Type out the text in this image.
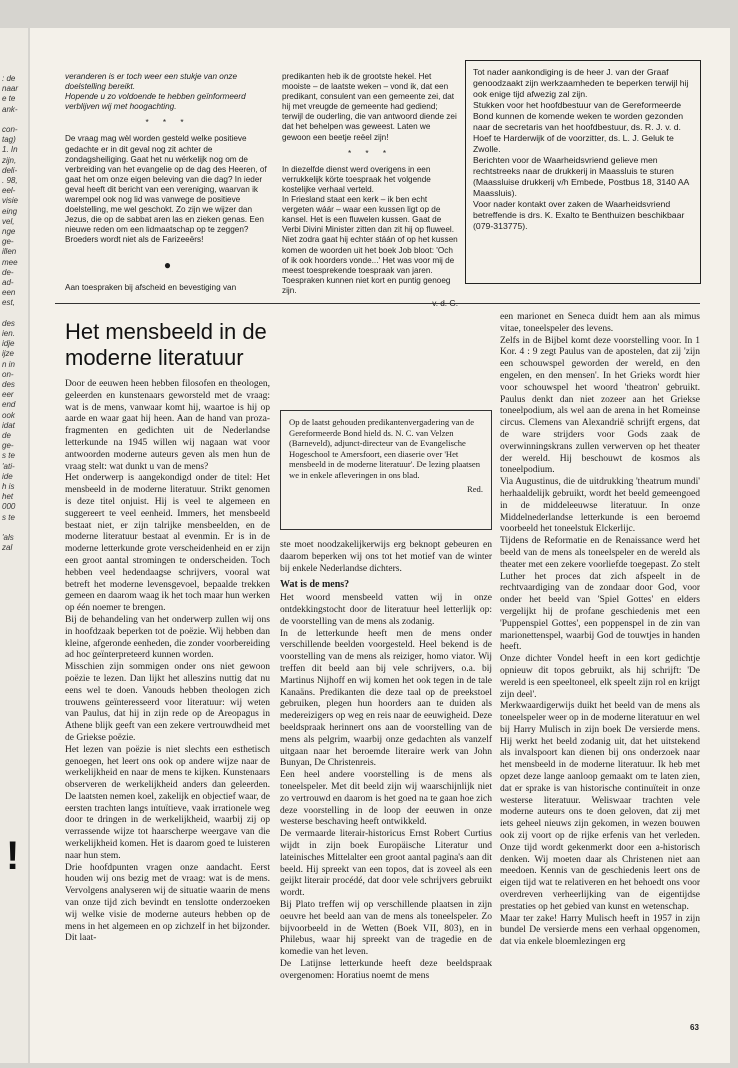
: de
naar
e te
ank-
con-
tag)
1. In
zijn,
deli-
. 98,
eel-
visie
eing
vel,
nge
ge-
illen
mee
de-
ad-
een
est,
des
ien.
idje
ijze
n in
on-
des
eer
end
ook
idat
de
ge-
s te
'ati-
ide
h is
het
000
s te
'als
zal
!

veranderen is er toch weer een stukje van onze doelstelling bereikt.
Hopende u zo voldoende te hebben geïnformeerd verblijven wij met hoogachting.

* * *

De vraag mag wèl worden gesteld welke positieve gedachte er in dit geval nog zit achter de zondagsheiliging. Gaat het nu wérkelijk nog om de verbreiding van het evangelie op de dag des Heeren, of gaat het om onze eigen beleving van die dag? In ieder geval heeft dit bericht van een vereniging, waarvan ik warempel ook nog lid was vanwege de positieve doelstelling, me wel geschokt. Zo zijn we wijzer dan Jezus, die op de sabbat aren las en zieken genas. Een nieuwe reden om een lidmaatschap op te zeggen?
Broeders wordt niet als de Farizeeërs!

●

Aan toespraken bij afscheid en bevestiging van

predikanten heb ik de grootste hekel. Het mooiste – de laatste weken – vond ik, dat een predikant, consulent van een gemeente zei, dat hij met vreugde de gemeente had gediend; terwijl de ouderling, die van antwoord diende zei dat het behelpen was geweest. Laten we gewoon een beetje reëel zijn!

* * *

In diezelfde dienst werd overigens in een verrukkelijk körte toespraak het volgende kostelijke verhaal verteld.
In Friesland staat een kerk – ik ben echt vergeten wáár – waar een kussen ligt op de kansel. Het is een fluwelen kussen. Gaat de Verbi Divini Minister zitten dan zit hij op fluweel. Niet zodra gaat hij echter stáán of op het kussen komen de woorden uit het boek Job bloot: 'Och of ik ook hoorders vonde...' Het was voor mij de meest toesprekende toespraak van jaren. Toespraken kunnen niet kort en puntig genoeg zijn.

Tot nader aankondiging is de heer J. van der Graaf genoodzaakt zijn werkzaamheden te beperken terwijl hij ook enige tijd afwezig zal zijn.
Stukken voor het hoofdbestuur van de Gereformeerde Bond kunnen de komende weken te worden gezonden naar de secretaris van het hoofdbestuur, ds. R. J. v. d. Hoef te Harderwijk of de voorzitter, ds. L. J. Geluk te Zwolle.
Berichten voor de Waarheidsvriend gelieve men rechtstreeks naar de drukkerij in Maassluis te sturen (Maassluise drukkerij v/h Embede, Postbus 18, 3140 AA Maassluis).
Voor nader kontakt over zaken de Waarheidsvriend betreffende is drs. K. Exalto te Benthuizen beschikbaar (079-313775).

Het mensbeeld in de moderne literatuur

Door de eeuwen heen hebben filosofen en theologen, geleerden en kunstenaars geworsteld met de vraag: wat is de mens, vanwaar komt hij, waartoe is hij op aarde en waar gaat hij heen. Aan de hand van proza-fragmenten en gedichten uit de Nederlandse letterkunde na 1945 willen wij nagaan wat voor antwoorden moderne auteurs geven als men hun de vraag stelt: wat dunkt u van de mens?

Het onderwerp is aangekondigd onder de titel: Het mensbeeld in de moderne literatuur. Strikt genomen is deze titel onjuist. Hij is veel te algemeen en suggereert te veel eenheid. Immers, het mensbeeld bestaat niet, er zijn talrijke mensbeelden, en de moderne literatuur bestaat al evenmin. Er is in de moderne letterkunde grote verscheidenheid en er zijn een groot aantal stromingen te onderscheiden. Toch hebben veel hedendaagse schrijvers, vooral wat betreft het moderne levensgevoel, bepaalde trekken gemeen en daarom waag ik het toch maar hun werken op één noemer te brengen.

Bij de behandeling van het onderwerp zullen wij ons in hoofdzaak beperken tot de poëzie. Wij hebben dan kleine, afgeronde eenheden, die zonder voorbereiding ad hoc geïnterpreteerd kunnen worden.

Misschien zijn sommigen onder ons niet gewoon poëzie te lezen. Dan lijkt het alleszins nuttig dat nu eens wel te doen. Vanouds hebben theologen zich trouwens geïnteresseerd voor literatuur: wij weten van Paulus, dat hij in zijn rede op de Areopagus in Athene blijk geeft van een zekere vertrouwdheid met de Griekse poëzie.

Het lezen van poëzie is niet slechts een esthetisch genoegen, het leert ons ook op andere wijze naar de werkelijkheid en naar de mens te kijken. Kunstenaars observeren de werkelijkheid anders dan geleerden. De laatsten nemen koel, zakelijk en objectief waar, de eersten trachten langs intuïtieve, vaak irrationele weg door te dringen in de werkelijkheid, waarbij zij op verrassende wijze tot haarscherpe weergave van die werkelijkheid komen. Het is daarom goed te luisteren naar hun stem.

Drie hoofdpunten vragen onze aandacht. Eerst houden wij ons bezig met de vraag: wat is de mens. Vervolgens analyseren wij de situatie waarin de mens van onze tijd zich bevindt en tenslotte onderzoeken wij welke visie de moderne auteurs hebben op de mens in het algemeen en op zichzelf in het bijzonder. Dit laat-

Op de laatst gehouden predikantenvergadering van de Gereformeerde Bond hield ds. N. C. van Velzen (Barneveld), adjunct-directeur van de Evangelische Hogeschool te Amersfoort, een diaserie over 'Het mensbeeld in de moderne literatuur'. De lezing plaatsen we in enkele afleveringen in ons blad.

Red.

ste moet noodzakelijkerwijs erg beknopt gebeuren en daarom beperken wij ons tot het motief van de winter bij enkele Nederlandse dichters.

Wat is de mens?

Het woord mensbeeld vatten wij in onze ontdekkingstocht door de literatuur heel letterlijk op: de voorstelling van de mens als zodanig.

In de letterkunde heeft men de mens onder verschillende beelden voorgesteld. Heel bekend is de voorstelling van de mens als reiziger, homo viator. Wij treffen dit beeld aan bij vele schrijvers, o.a. bij Martinus Nijhoff en wij komen het ook tegen in de tale Kanaäns. Predikanten die deze taal op de preekstoel gebruiken, plegen hun hoorders aan te duiden als medereizigers op weg en reis naar de eeuwigheid. Deze beeldspraak herinnert ons aan de voorstelling van de mens als pelgrim, waarbij onze gedachten als vanzelf uitgaan naar het beroemde literaire werk van John Bunyan, De Christenreis.

Een heel andere voorstelling is de mens als toneelspeler. Met dit beeld zijn wij waarschijnlijk niet zo vertrouwd en daarom is het goed na te gaan hoe zich deze voorstelling in de loop der eeuwen in onze westerse beschaving heeft ontwikkeld.

De vermaarde literair-historicus Ernst Robert Curtius wijdt in zijn boek Europäische Literatur und lateinisches Mittelalter een groot aantal pagina's aan dit beeld. Hij spreekt van een topos, dat is zoveel als een geijkt literair procédé, dat door vele schrijvers gebruikt wordt.

Bij Plato treffen wij op verschillende plaatsen in zijn oeuvre het beeld aan van de mens als toneelspeler. Zo bijvoorbeeld in de Wetten (Boek VII, 803), en in Philebus, waar hij spreekt van de tragedie en de komedie van het leven.

De Latijnse letterkunde heeft deze beeldspraak overgenomen: Horatius noemt de mens

een marionet en Seneca duidt hem aan als mimus vitae, toneelspeler des levens.

Zelfs in de Bijbel komt deze voorstelling voor. In 1 Kor. 4 : 9 zegt Paulus van de apostelen, dat zij 'zijn een schouwspel geworden der wereld, en den engelen, en den mensen'. In het Grieks wordt hier voor schouwspel het woord 'theatron' gebruikt. Paulus denkt dan niet zozeer aan het Griekse toneelpodium, als wel aan de arena in het Romeinse circus. Clemens van Alexandrië schrijft ergens, dat de ware strijders voor Gods zaak de overwinningskrans zullen verwerven op het theater der wereld. Hij beschouwt de kosmos als toneelpodium.

Via Augustinus, die de uitdrukking 'theatrum mundi' herhaaldelijk gebruikt, wordt het beeld gemeengoed in de middeleeuwse literatuur. In onze Middelnederlandse letterkunde is een beroemd voorbeeld het toneelstuk Elckerlijc.

Tijdens de Reformatie en de Renaissance werd het beeld van de mens als toneelspeler en de wereld als theater met een zekere voorliefde toegepast. Zo stelt Luther het proces dat zich afspeelt in de rechtvaardiging van de zondaar door God, voor onder het beeld van 'Spiel Gottes' en elders vergelijkt hij de profane geschiedenis met een 'Puppenspiel Gottes', een poppenspel in de zin van marionettenspel, waarbij God de touwtjes in handen heeft.

Onze dichter Vondel heeft in een kort gedichtje opnieuw dit topos gebruikt, als hij schrijft: 'De wereld is een speeltoneel, elk speelt zijn rol en krijgt zijn deel'.

Merkwaardigerwijs duikt het beeld van de mens als toneelspeler weer op in de moderne literatuur en wel bij Harry Mulisch in zijn boek De versierde mens. Hij werkt het beeld zodanig uit, dat het uitstekend als invalspoort kan dienen bij ons onderzoek naar het mensbeeld in de moderne literatuur. Ik heb met opzet deze lange aanloop gemaakt om te laten zien, dat er sprake is van historische continuïteit in onze westerse literatuur. Weliswaar trachten vele moderne auteurs ons te doen geloven, dat zij met iets geheel nieuws zijn gekomen, in wezen bouwen ook zij voort op de rijke erfenis van het verleden. Onze tijd wordt gekenmerkt door een a-historisch denken. Wij moeten daar als Christenen niet aan meedoen. Kennis van de geschiedenis leert ons de eigen tijd wat te relativeren en het behoedt ons voor overdreven verheerlijking van de eigentijdse prestaties op het gebied van kunst en wetenschap.

Maar ter zake! Harry Mulisch heeft in 1957 in zijn bundel De versierde mens een verhaal opgenomen, dat via enkele bloemlezingen erg

63
